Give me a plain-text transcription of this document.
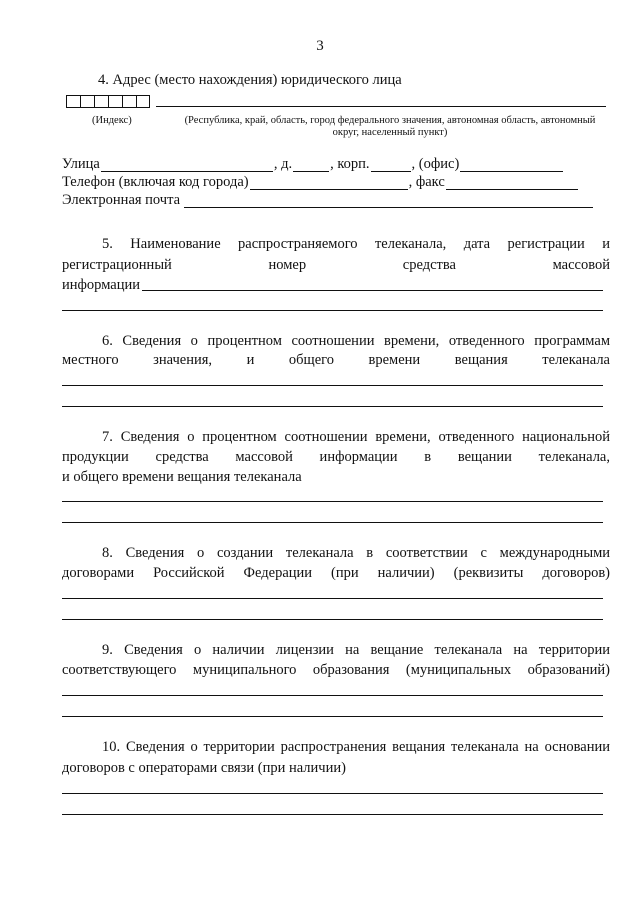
3
4. Адрес (место нахождения) юридического лица
(Индекс)	(Республика, край, область, город федерального значения, автономная область, автономный
округ, населенный пункт)
Улица	, д.	, корп.	, (офис)
Телефон (включая код города)	, факс
Электронная почта
5. Наименование распространяемого телеканала, дата регистрации и
регистрационный номер средства массовой
информации
6. Сведения о процентном соотношении времени, отведенного программам
местного значения, и общего времени вещания телеканала
7. Сведения о процентном соотношении времени, отведенного национальной
продукции средства массовой информации в вещании телеканала,
и общего времени вещания телеканала
8. Сведения о создании телеканала в соответствии с международными
договорами Российской Федерации (при наличии) (реквизиты договоров)
9. Сведения о наличии лицензии на вещание телеканала на территории
соответствующего муниципального образования (муниципальных образований)
10. Сведения о территории распространения вещания телеканала на основании
договоров с операторами связи (при наличии)
